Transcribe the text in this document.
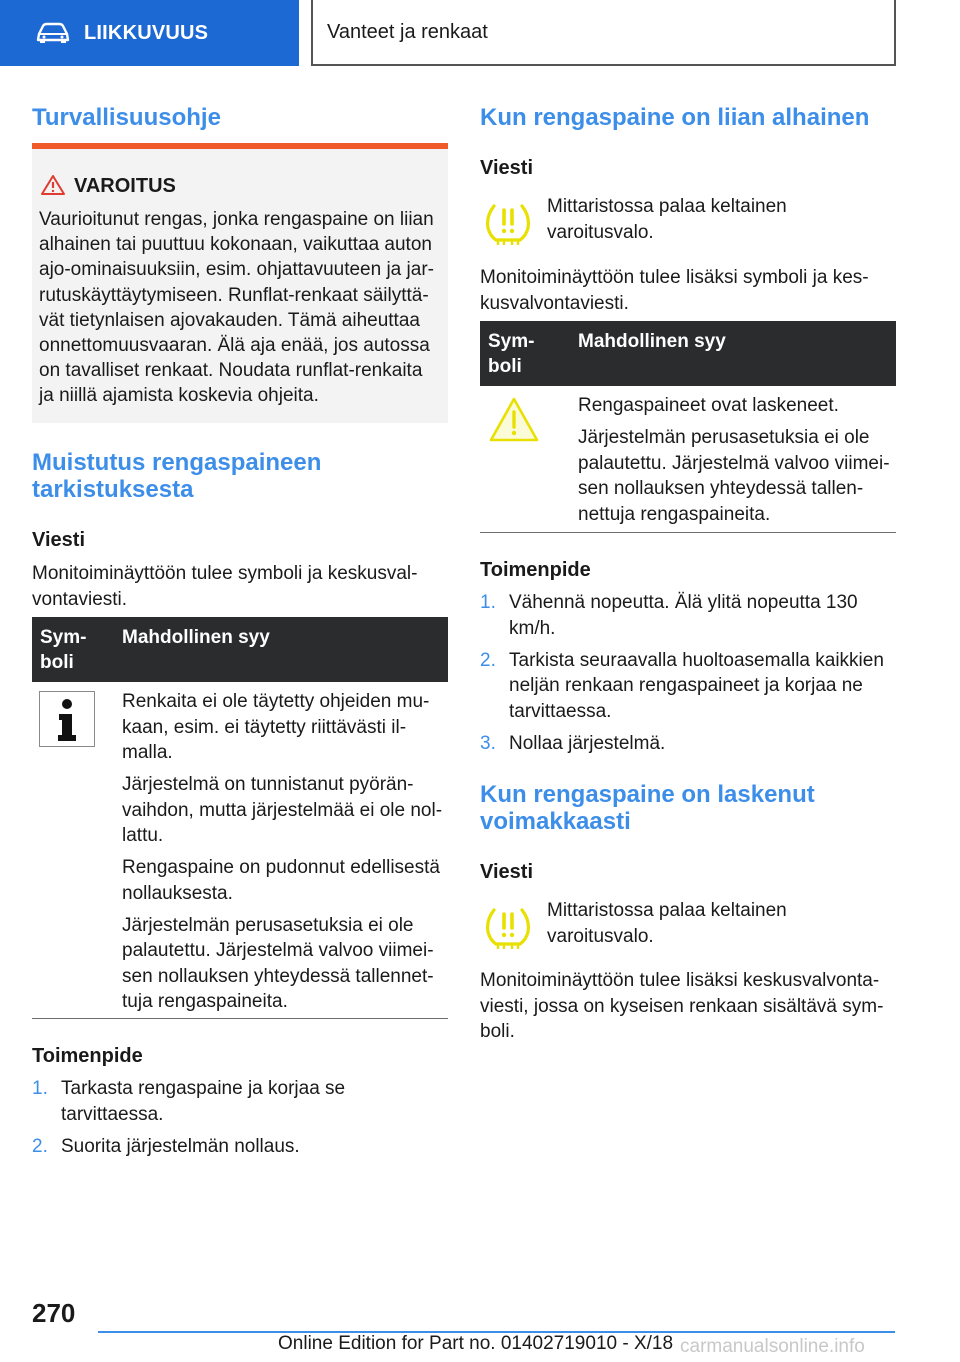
LIIKKUVUUS	Vanteet ja renkaat
Turvallisuusohje
VAROITUS
Vaurioitunut rengas, jonka rengaspaine on liian alhainen tai puuttuu kokonaan, vaikuttaa auton ajo-ominaisuuksiin, esim. ohjattavuuteen ja jarrutuskäyttäytymiseen. Runflat-renkaat säilyttävät tietynlaisen ajovakauden. Tämä aiheuttaa onnettomuusvaaran. Älä aja enää, jos autossa on tavalliset renkaat. Noudata runflat-renkaita ja niillä ajamista koskevia ohjeita.
Muistutus rengaspaineen tarkistuksesta
Viesti
Monitoiminäyttöön tulee symboli ja keskusvalvontaviesti.
Symboli
Mahdollinen syy

Renkaita ei ole täytetty ohjeiden mukaan, esim. ei täytetty riittävästi ilmalla.

Järjestelmä on tunnistanut pyöränvaihdon, mutta järjestelmää ei ole nollattu.

Rengaspaine on pudonnut edellisestä nollauksesta.

Järjestelmän perusasetuksia ei ole palautettu. Järjestelmä valvoo viimeisen nollauksen yhteydessä tallennettuja rengaspaineita.

Toimenpide
1. Tarkasta rengaspaine ja korjaa se tarvittaessa.
2. Suorita järjestelmän nollaus.
Kun rengaspaine on liian alhainen
Viesti
Mittaristossa palaa keltainen varoitusvalo.
Monitoiminäyttöön tulee lisäksi symboli ja keskusvalvontaviesti.
Symboli
Mahdollinen syy

Rengaspaineet ovat laskeneet.

Järjestelmän perusasetuksia ei ole palautettu. Järjestelmä valvoo viimeisen nollauksen yhteydessä tallennettuja rengaspaineita.

Toimenpide
1. Vähennä nopeutta. Älä ylitä nopeutta 130 km/h.
2. Tarkista seuraavalla huoltoasemalla kaikkien neljän renkaan rengaspaineet ja korjaa ne tarvittaessa.
3. Nollaa järjestelmä.
Kun rengaspaine on laskenut voimakkaasti
Viesti
Mittaristossa palaa keltainen varoitusvalo.
Monitoiminäyttöön tulee lisäksi keskusvalvontaviesti, jossa on kyseisen renkaan sisältävä symboli.
270
Online Edition for Part no. 01402719010 - X/18 carmanualsonline.info
